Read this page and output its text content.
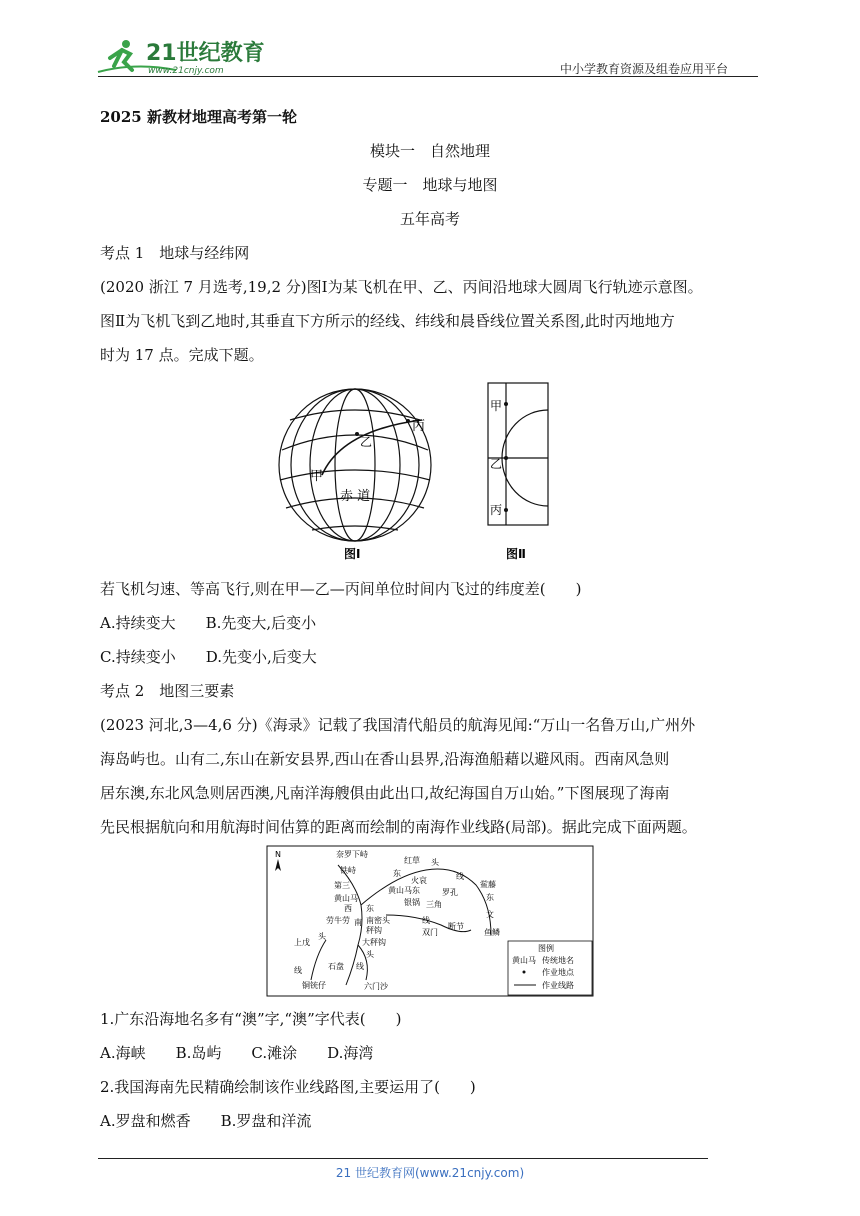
21世纪教育
www.21cnjy.com	中小学教育资源及组卷应用平台
2025 新教材地理高考第一轮
模块一　自然地理
专题一　地球与地图
五年高考
考点 1　地球与经纬网
(2020 浙江 7 月选考,19,2 分)图Ⅰ为某飞机在甲、乙、丙间沿地球大圆周飞行轨迹示意图。
图Ⅱ为飞机飞到乙地时,其垂直下方所示的经线、纬线和晨昏线位置关系图,此时丙地地方
时为 17 点。完成下题。
丙
乙
甲
赤 道
图Ⅰ
甲
乙
丙
图Ⅱ
若飞机匀速、等高飞行,则在甲—乙—丙间单位时间内飞过的纬度差(　　)
A.持续变大　　B.先变大,后变小
C.持续变小　　D.先变小,后变大
考点 2　地图三要素
(2023 河北,3—4,6 分)《海录》记载了我国清代船员的航海见闻:“万山一名鲁万山,广州外
海岛屿也。山有二,东山在新安县界,西山在香山县界,沿海渔船藉以避风雨。西南风急则
居东澳,东北风急则居西澳,凡南洋海艘俱由此出口,故纪海国自万山始。”下图展现了海南
先民根据航向和用航海时间估算的距离而绘制的南海作业线路(局部)。据此完成下面两题。
N	奈罗下峙
红草 头
铁峙	东
火哀	线
鲎藤
第三
黄山马东	罗孔
东
黄山马	银锅 三角
西 东
文
劳牛劳 南 南密头	线
断节
秤钩	双门	鱼鳞
头
上戊	大秤钩
头
线	石盘 线
六门沙
铜铳仔
图例
黄山马 传统地名
作业地点
作业线路
1.广东沿海地名多有“澳”字,“澳”字代表(　　)
A.海峡　　B.岛屿　　C.滩涂　　D.海湾
2.我国海南先民精确绘制该作业线路图,主要运用了(　　)
A.罗盘和燃香　　B.罗盘和洋流
21 世纪教育网(www.21cnjy.com)
